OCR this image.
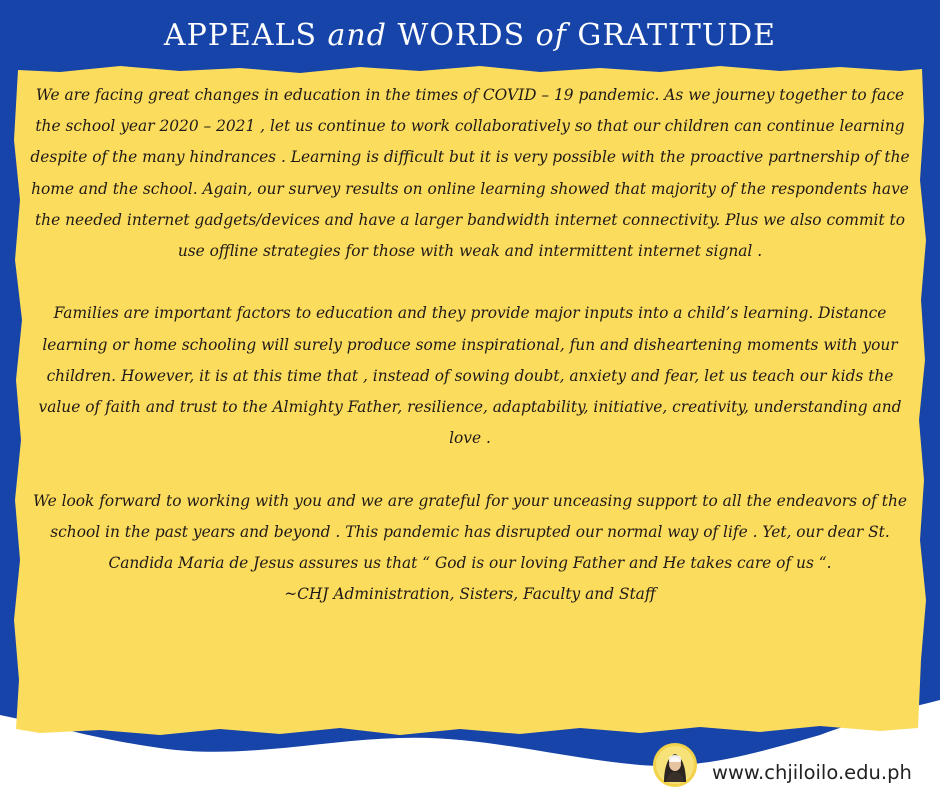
APPEALS and WORDS of GRATITUDE

We are facing great changes in education in the times of COVID – 19 pandemic. As we journey together to face the school year 2020 – 2021 , let us continue to work collaboratively so that our children can continue learning despite of the many hindrances . Learning is difficult but it is very possible with the proactive partnership of the home and the school. Again, our survey results on online learning showed that majority of the respondents have the needed internet gadgets/devices and have a larger bandwidth internet connectivity. Plus we also commit to use offline strategies for those with weak and intermittent internet signal .

Families are important factors to education and they provide major inputs into a child’s learning. Distance learning or home schooling will surely produce some inspirational, fun and disheartening moments with your children. However, it is at this time that , instead of sowing doubt, anxiety and fear, let us teach our kids the value of faith and trust to the Almighty Father, resilience, adaptability, initiative, creativity, understanding and love .

We look forward to working with you and we are grateful for your unceasing support to all the endeavors of the school in the past years and beyond . This pandemic has disrupted our normal way of life . Yet, our dear St. Candida Maria de Jesus assures us that “ God is our loving Father and He takes care of us “.
~CHJ Administration, Sisters, Faculty and Staff

www.chjiloilo.edu.ph
